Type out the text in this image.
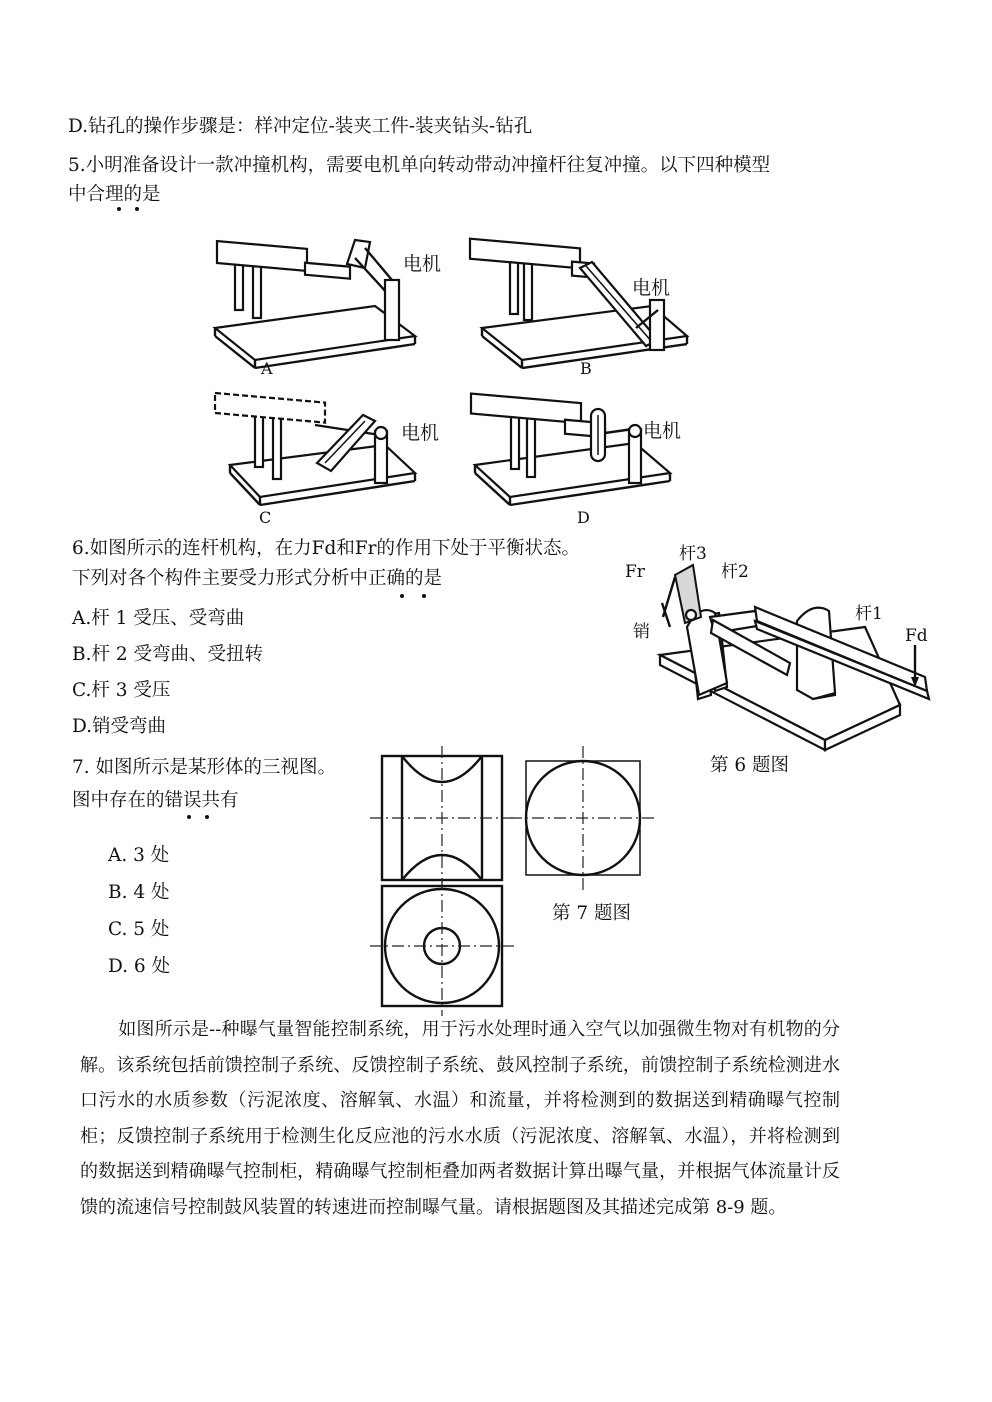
D.钻孔的操作步骤是：样冲定位-装夹工件-装夹钻头-钻孔
5.小明准备设计一款冲撞机构，需要电机单向转动带动冲撞杆往复冲撞。以下四种模型
中合理的是
电机
A
电机
B
电机
C
电机
D
6.如图所示的连杆机构，在力Fd和Fr的作用下处于平衡状态。
下列对各个构件主要受力形式分析中正确的是
A.杆 1 受压、受弯曲
B.杆 2 受弯曲、受扭转
C.杆 3 受压
D.销受弯曲
Fr
杆3
杆2
杆1
Fd
销
第 6 题图
7. 如图所示是某形体的三视图。
图中存在的错误共有
A. 3 处
B. 4 处
C. 5 处
D. 6 处
第 7 题图
如图所示是--种曝气量智能控制系统，用于污水处理时通入空气以加强微生物对有机物的分解。该系统包括前馈控制子系统、反馈控制子系统、鼓风控制子系统，前馈控制子系统检测进水口污水的水质参数（污泥浓度、溶解氧、水温）和流量，并将检测到的数据送到精确曝气控制柜；反馈控制子系统用于检测生化反应池的污水水质（污泥浓度、溶解氧、水温），并将检测到的数据送到精确曝气控制柜，精确曝气控制柜叠加两者数据计算出曝气量，并根据气体流量计反馈的流速信号控制鼓风装置的转速进而控制曝气量。请根据题图及其描述完成第 8-9 题。
